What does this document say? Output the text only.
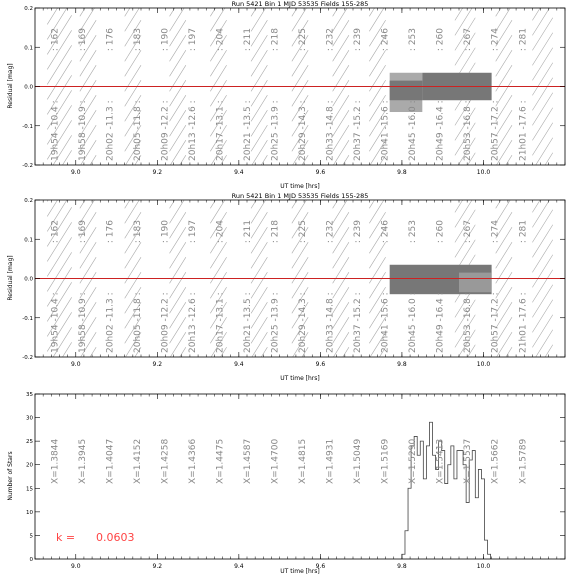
Run 5421 Bin 1 MJD 53535 Fields 155-285
: 162
19h54 -10.4 :
: 169
19h58 -10.9 :
: 176
20h02 -11.3 :
: 183
20h05 -11.8 :
: 190
20h09 -12.2 :
: 197
20h13 -12.6 :
: 204
20h17 -13.1 :
: 211
20h21 -13.5 :
: 218
20h25 -13.9 :
: 225
20h29 -14.3 :
: 232
20h33 -14.8 :
: 239
20h37 -15.2 :
: 246
20h41 -15.6 :
: 253
20h45 -16.0 :
: 260
20h49 -16.4 :
: 267
20h53 -16.8 :
: 274
20h57 -17.2 :
: 281
21h01 -17.6 :
9.0	9.2	9.4	9.6	9.8	10.0
-0.2
-0.1
0.0
0.1
0.2
UT time [hrs]
Residual [mag]
Run 5421 Bin 1 MJD 53535 Fields 155-285
: 162
19h54 -10.4 :
: 169
19h58 -10.9 :
: 176
20h02 -11.3 :
: 183
20h05 -11.8 :
: 190
20h09 -12.2 :
: 197
20h13 -12.6 :
: 204
20h17 -13.1 :
: 211
20h21 -13.5 :
: 218
20h25 -13.9 :
: 225
20h29 -14.3 :
: 232
20h33 -14.8 :
: 239
20h37 -15.2 :
: 246
20h41 -15.6 :
: 253
20h45 -16.0 :
: 260
20h49 -16.4 :
: 267
20h53 -16.8 :
: 274
20h57 -17.2 :
: 281
21h01 -17.6 :
9.0	9.2	9.4	9.6	9.8	10.0
-0.2
-0.1
0.0
0.1
0.2
UT time [hrs]
Residual [mag]
X=1.3844 X=1.3945 X=1.4047 X=1.4152 X=1.4258 X=1.4366 X=1.4475 X=1.4587 X=1.4700 X=1.4815 X=1.4931 X=1.5049 X=1.5169 X=1.5290 X=1.5413 X=1.5537 X=1.5662 X=1.5789
9.0	9.2	9.4	9.6	9.8	10.0
0
5
10
15
20
25
30
35
k = 0.0603
UT time [hrs]
Number of Stars
